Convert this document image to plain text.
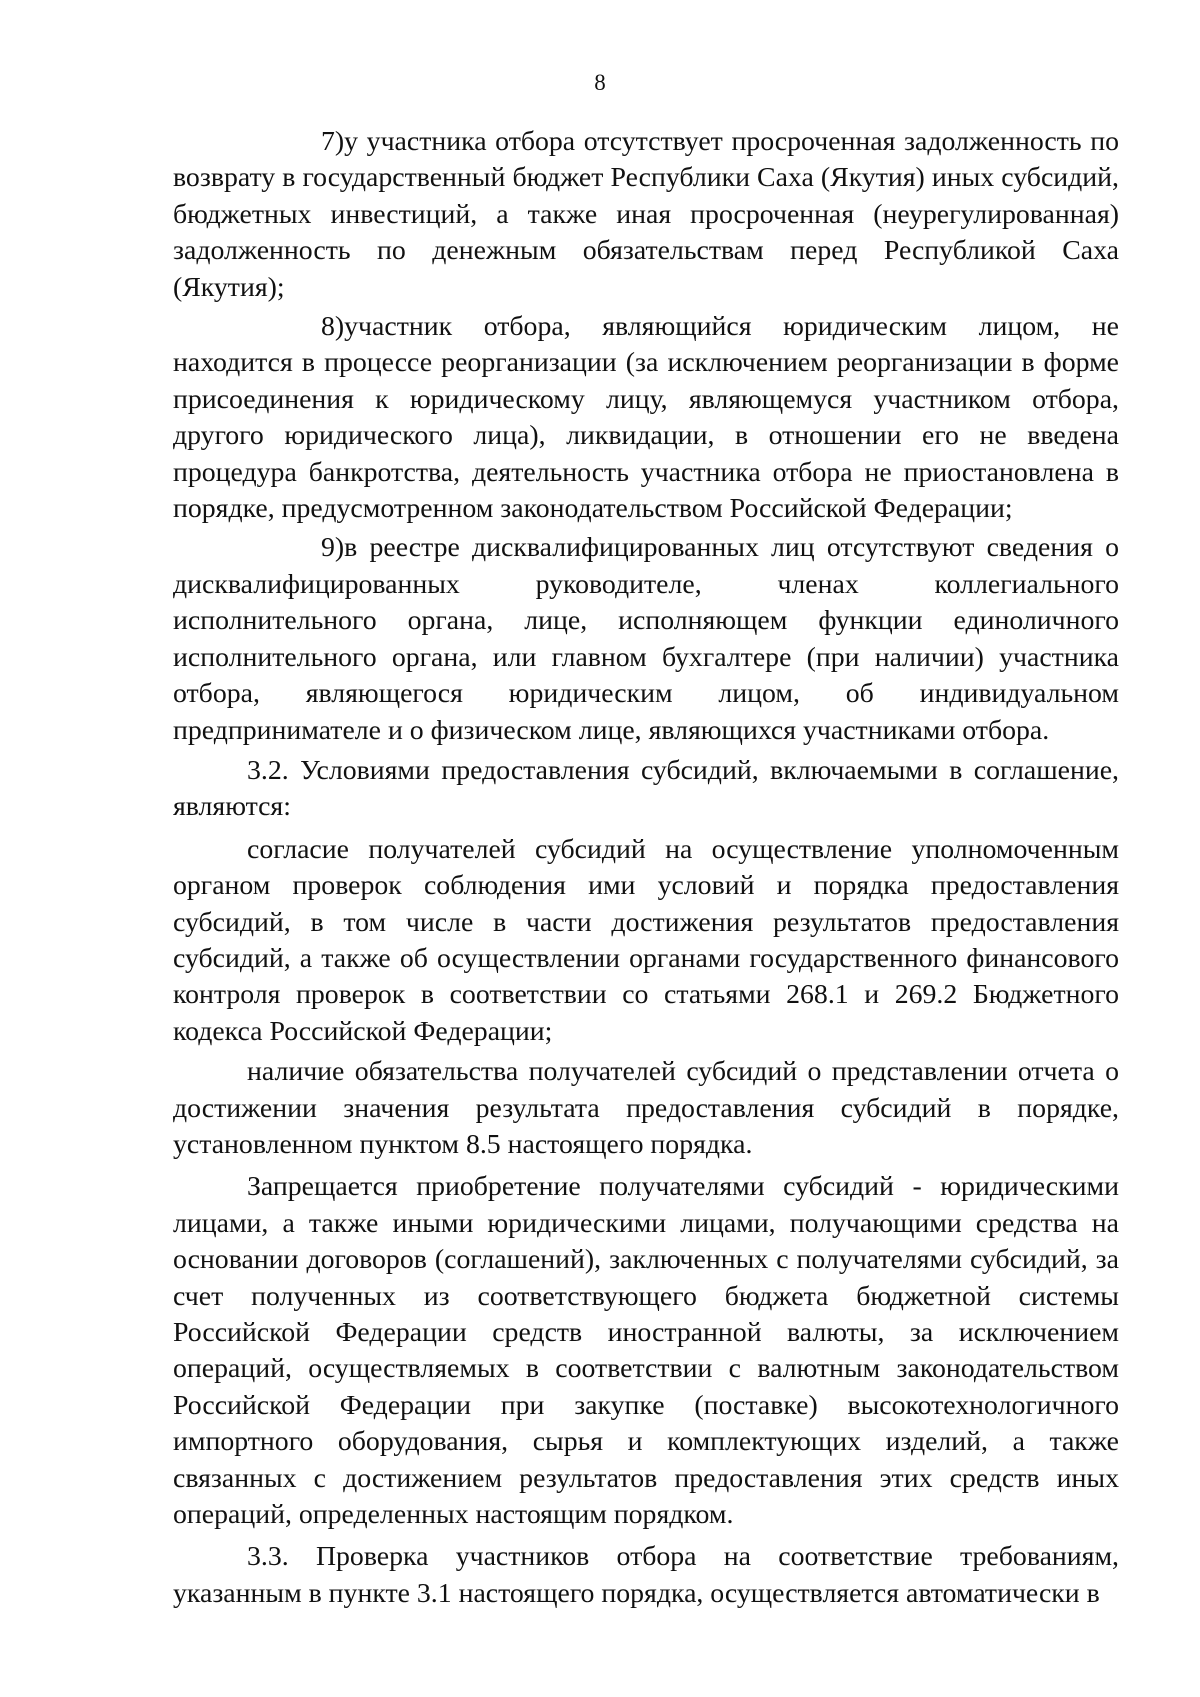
8

7)у участника отбора отсутствует просроченная задолженность по возврату в государственный бюджет Республики Саха (Якутия) иных субсидий, бюджетных инвестиций, а также иная просроченная (неурегулированная) задолженность по денежным обязательствам перед Республикой Саха (Якутия);

8)участник отбора, являющийся юридическим лицом, не находится в процессе реорганизации (за исключением реорганизации в форме присоединения к юридическому лицу, являющемуся участником отбора, другого юридического лица), ликвидации, в отношении его не введена процедура банкротства, деятельность участника отбора не приостановлена в порядке, предусмотренном законодательством Российской Федерации;

9)в реестре дисквалифицированных лиц отсутствуют сведения о дисквалифицированных руководителе, членах коллегиального исполнительного органа, лице, исполняющем функции единоличного исполнительного органа, или главном бухгалтере (при наличии) участника отбора, являющегося юридическим лицом, об индивидуальном предпринимателе и о физическом лице, являющихся участниками отбора.

3.2. Условиями предоставления субсидий, включаемыми в соглашение, являются:

согласие получателей субсидий на осуществление уполномоченным органом проверок соблюдения ими условий и порядка предоставления субсидий, в том числе в части достижения результатов предоставления субсидий, а также об осуществлении органами государственного финансового контроля проверок в соответствии со статьями 268.1 и 269.2 Бюджетного кодекса Российской Федерации;

наличие обязательства получателей субсидий о представлении отчета о достижении значения результата предоставления субсидий в порядке, установленном пунктом 8.5 настоящего порядка.

Запрещается приобретение получателями субсидий - юридическими лицами, а также иными юридическими лицами, получающими средства на основании договоров (соглашений), заключенных с получателями субсидий, за счет полученных из соответствующего бюджета бюджетной системы Российской Федерации средств иностранной валюты, за исключением операций, осуществляемых в соответствии с валютным законодательством Российской Федерации при закупке (поставке) высокотехнологичного импортного оборудования, сырья и комплектующих изделий, а также связанных с достижением результатов предоставления этих средств иных операций, определенных настоящим порядком.

3.3. Проверка участников отбора на соответствие требованиям, указанным в пункте 3.1 настоящего порядка, осуществляется автоматически в
